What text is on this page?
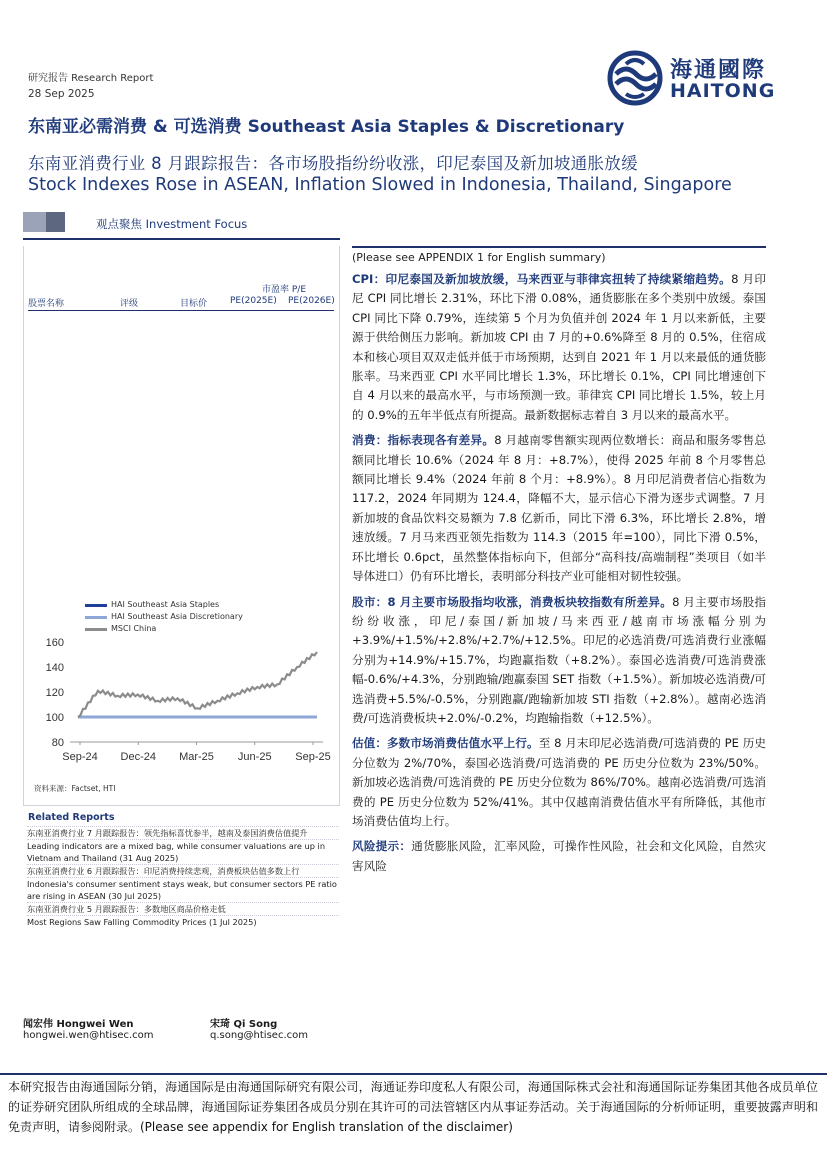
研究报告 Research Report
28 Sep 2025
东南亚必需消费 & 可选消费 Southeast Asia Staples & Discretionary
东南亚消费行业 8 月跟踪报告：各市场股指纷纷收涨，印尼泰国及新加坡通胀放缓
Stock Indexes Rose in ASEAN, Inflation Slowed in Indonesia, Thailand, Singapore
海通國際
HAITONG
观点聚焦 Investment Focus
市盈率 P/E
股票名称	评级	目标价	PE(2025E) PE(2026E)
HAI Southeast Asia Staples
HAI Southeast Asia Discretionary
MSCI China
80
100
120
140
160
Sep-24 Dec-24 Mar-25 Jun-25 Sep-25
资料来源：Factset, HTI
Related Reports
东南亚消费行业 7 月跟踪报告：领先指标喜忧参半，越南及泰国消费估值提升
Leading indicators are a mixed bag, while consumer valuations are up in Vietnam and Thailand (31 Aug 2025)
东南亚消费行业 6 月跟踪报告：印尼消费持续悲观，消费板块估值多数上行
Indonesia's consumer sentiment stays weak, but consumer sectors PE ratio are rising in ASEAN (30 Jul 2025)
东南亚消费行业 5 月跟踪报告：多数地区商品价格走低
Most Regions Saw Falling Commodity Prices (1 Jul 2025)
(Please see APPENDIX 1 for English summary)

CPI：印尼泰国及新加坡放缓，马来西亚与菲律宾扭转了持续紧缩趋势。8 月印尼 CPI 同比增长 2.31%，环比下滑 0.08%，通货膨胀在多个类别中放缓。泰国 CPI 同比下降 0.79%，连续第 5 个月为负值并创 2024 年 1 月以来新低，主要源于供给侧压力影响。新加坡 CPI 由 7 月的+0.6%降至 8 月的 0.5%，住宿成本和核心项目双双走低并低于市场预期，达到自 2021 年 1 月以来最低的通货膨胀率。马来西亚 CPI 水平同比增长 1.3%，环比增长 0.1%，CPI 同比增速创下自 4 月以来的最高水平，与市场预测一致。菲律宾 CPI 同比增长 1.5%，较上月的 0.9%的五年半低点有所提高。最新数据标志着自 3 月以来的最高水平。

消费：指标表现各有差异。8 月越南零售额实现两位数增长：商品和服务零售总额同比增长 10.6%（2024 年 8 月：+8.7%），使得 2025 年前 8 个月零售总额同比增长 9.4%（2024 年前 8 个月：+8.9%）。8 月印尼消费者信心指数为 117.2，2024 年同期为 124.4，降幅不大，显示信心下滑为逐步式调整。7 月新加坡的食品饮料交易额为 7.8 亿新币，同比下滑 6.3%，环比增长 2.8%，增速放缓。7 月马来西亚领先指数为 114.3（2015 年=100），同比下滑 0.5%，环比增长 0.6pct，虽然整体指标向下，但部分“高科技/高端制程”类项目（如半导体进口）仍有环比增长，表明部分科技产业可能相对韧性较强。

股市：8 月主要市场股指均收涨，消费板块较指数有所差异。8 月主要市场股指纷纷收涨，印尼/泰国/新加坡/马来西亚/越南市场涨幅分别为+3.9%/+1.5%/+2.8%/+2.7%/+12.5%。印尼的必选消费/可选消费行业涨幅分别为+14.9%/+15.7%，均跑赢指数（+8.2%）。泰国必选消费/可选消费涨幅-0.6%/+4.3%，分别跑输/跑赢泰国 SET 指数（+1.5%）。新加坡必选消费/可选消费+5.5%/-0.5%，分别跑赢/跑输新加坡 STI 指数（+2.8%）。越南必选消费/可选消费板块+2.0%/-0.2%，均跑输指数（+12.5%）。

估值：多数市场消费估值水平上行。至 8 月末印尼必选消费/可选消费的 PE 历史分位数为 2%/70%，泰国必选消费/可选消费的 PE 历史分位数为 23%/50%。新加坡必选消费/可选消费的 PE 历史分位数为 86%/70%。越南必选消费/可选消费的 PE 历史分位数为 52%/41%。其中仅越南消费估值水平有所降低，其他市场消费估值均上行。

风险提示：通货膨胀风险，汇率风险，可操作性风险，社会和文化风险，自然灾害风险

闻宏伟 Hongwei Wen
hongwei.wen@htisec.com
宋琦 Qi Song
q.song@htisec.com
本研究报告由海通国际分销，海通国际是由海通国际研究有限公司，海通证券印度私人有限公司，海通国际株式会社和海通国际证券集团其他各成员单位的证券研究团队所组成的全球品牌，海通国际证券集团各成员分别在其许可的司法管辖区内从事证券活动。关于海通国际的分析师证明，重要披露声明和免责声明，请参阅附录。(Please see appendix for English translation of the disclaimer)
